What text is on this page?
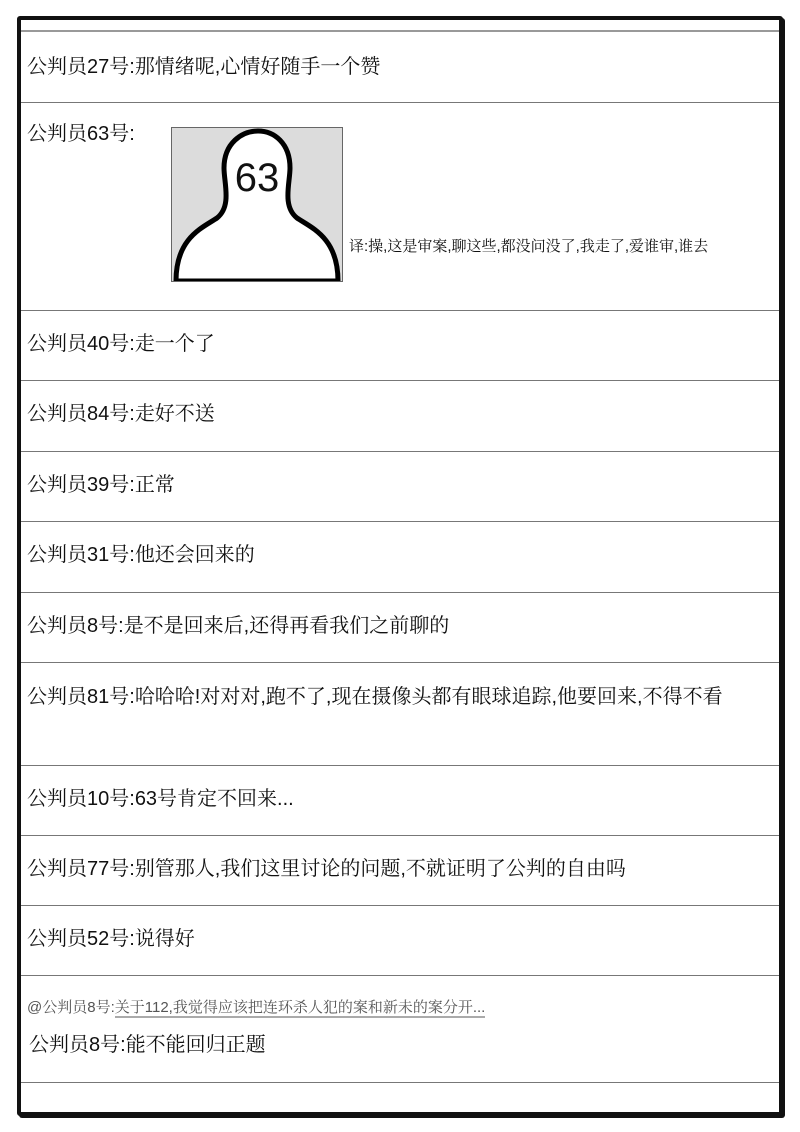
公判员27号:那情绪呢,心情好随手一个赞
公判员63号:
63
译:操,这是审案,聊这些,都没问没了,我走了,爱谁审,谁去
公判员40号:走一个了
公判员84号:走好不送
公判员39号:正常
公判员31号:他还会回来的
公判员8号:是不是回来后,还得再看我们之前聊的
公判员81号:哈哈哈!对对对,跑不了,现在摄像头都有眼球追踪,他要回来,不得不看
公判员10号:63号肯定不回来...
公判员77号:别管那人,我们这里讨论的问题,不就证明了公判的自由吗
公判员52号:说得好
@公判员8号:关于112,我觉得应该把连环杀人犯的案和新未的案分开...
公判员8号:能不能回归正题
